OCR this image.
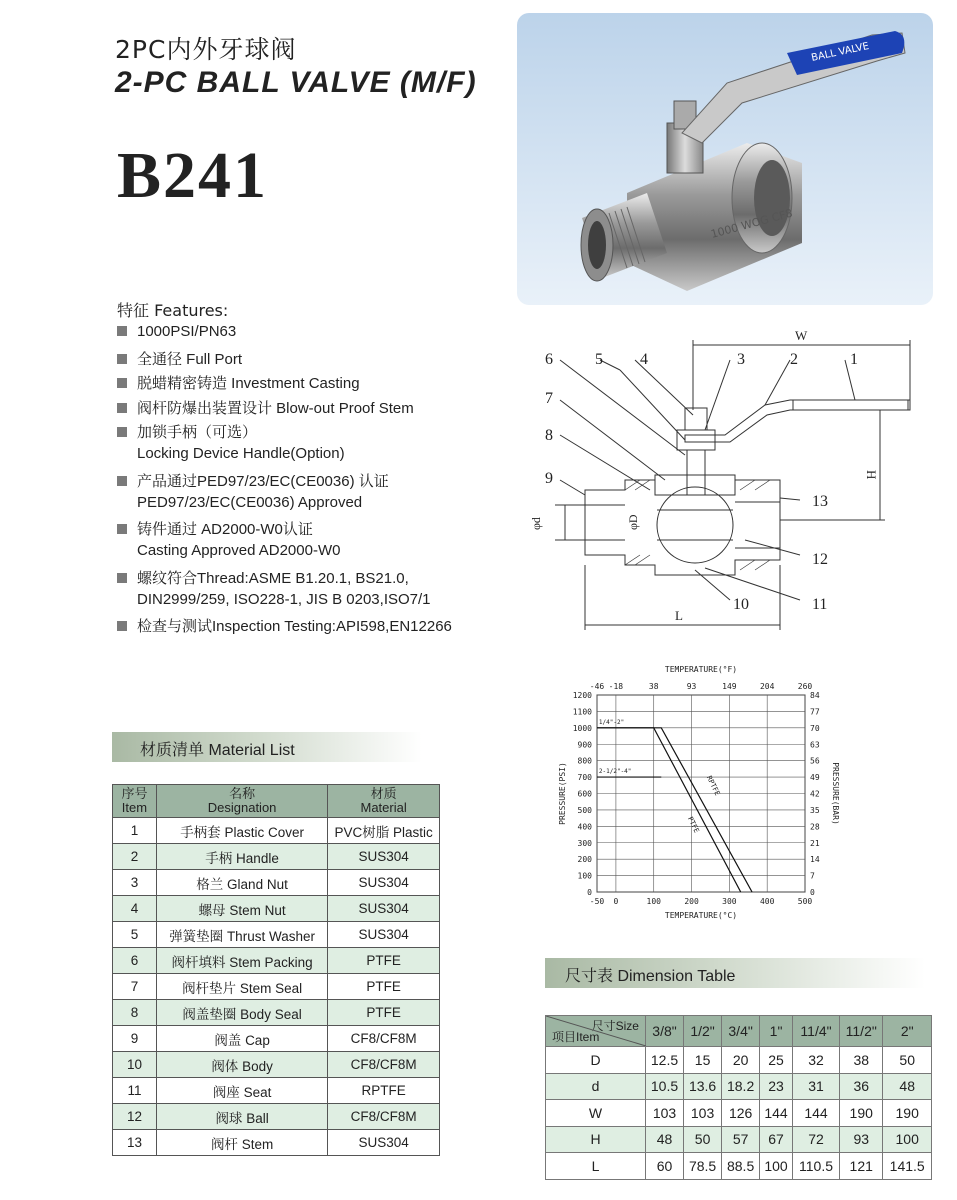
2PC内外牙球阀
2-PC BALL VALVE (M/F)
B241
1000 WOG CF8
BALL VALVE
特征 Features:
1000PSI/PN63
全通径 Full Port
脱蜡精密铸造 Investment Casting
阀杆防爆出装置设计 Blow-out Proof Stem
加锁手柄（可选）
Locking Device Handle(Option)
产品通过PED97/23/EC(CE0036) 认证
PED97/23/EC(CE0036) Approved
铸件通过 AD2000-W0认证
Casting Approved AD2000-W0
螺纹符合Thread:ASME B1.20.1, BS21.0,
DIN2999/259, ISO228-1, JIS B 0203,ISO7/1
检查与测试Inspection Testing:API598,EN12266
1
2
3
4
5
6
7
8
9
10	11
12
13
W
H
φd	φD
L
0	0
100	7
200	14
300	21
400	28
500	35
600	42
700	49
800	56
900	63
1000	70
1100	77
1200	84
-50
-46
0
-18
100
38
200
93
300
149
400
204
500
260
TEMPERATURE(°F)
TEMPERATURE(°C)
PRESSURE(PSI)	PRESSURE(BAR)
1/4"-2"
2-1/2"-4"
PTFE
RPTFE
材质清单 Material List
序号
Item	名称
Designation	材质
Material
1	手柄套 Plastic Cover	PVC树脂 Plastic
2	手柄 Handle	SUS304
3	格兰 Gland Nut	SUS304
4	螺母 Stem Nut	SUS304
5	弹簧垫圈 Thrust Washer	SUS304
6	阀杆填料 Stem Packing	PTFE
7	阀杆垫片 Stem Seal	PTFE
8	阀盖垫圈 Body Seal	PTFE
9	阀盖 Cap	CF8/CF8M
10	阀体 Body	CF8/CF8M
11	阀座 Seat	RPTFE
12	阀球 Ball	CF8/CF8M
13	阀杆 Stem	SUS304
尺寸表 Dimension Table
尺寸Size
项目Item	3/8"	1/2"	3/4"	1"	11/4"	11/2"	2"
D	12.5	15	20	25	32	38	50
d	10.5	13.6	18.2	23	31	36	48
W	103	103	126	144	144	190	190
H	48	50	57	67	72	93	100
L	60	78.5	88.5	100	110.5	121	141.5
